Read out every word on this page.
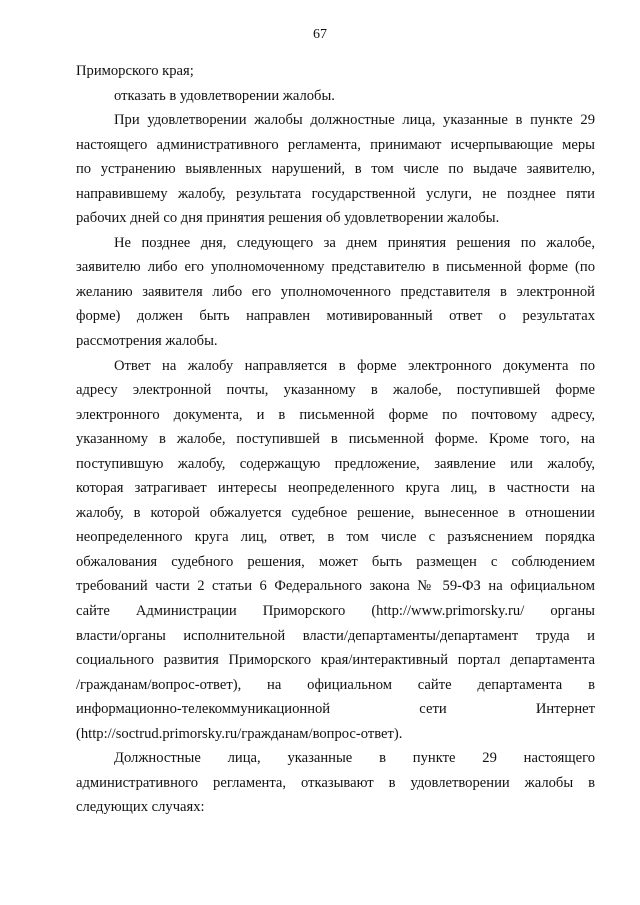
67
Приморского края;
отказать в удовлетворении жалобы.
При удовлетворении жалобы должностные лица, указанные в пункте 29
настоящего административного регламента, принимают исчерпывающие меры
по устранению выявленных нарушений, в том числе по выдаче заявителю,
направившему жалобу, результата государственной услуги, не позднее пяти
рабочих дней со дня принятия решения об удовлетворении жалобы.
Не позднее дня, следующего за днем принятия решения по жалобе,
заявителю либо его уполномоченному представителю в письменной форме (по
желанию заявителя либо его уполномоченного представителя в электронной
форме) должен быть направлен мотивированный ответ о результатах
рассмотрения жалобы.
Ответ на жалобу направляется в форме электронного документа по
адресу электронной почты, указанному в жалобе, поступившей форме
электронного документа, и в письменной форме по почтовому адресу,
указанному в жалобе, поступившей в письменной форме. Кроме того, на
поступившую жалобу, содержащую предложение, заявление или жалобу,
которая затрагивает интересы неопределенного круга лиц, в частности на
жалобу, в которой обжалуется судебное решение, вынесенное в отношении
неопределенного круга лиц, ответ, в том числе с разъяснением порядка
обжалования судебного решения, может быть размещен с соблюдением
требований части 2 статьи 6 Федерального закона № 59-ФЗ на официальном
сайте Администрации Приморского (http://www.primorsky.ru/ органы
власти/органы исполнительной власти/департаменты/департамент труда и
социального развития Приморского края/интерактивный портал департамента
/гражданам/вопрос-ответ), на официальном сайте департамента в
информационно-телекоммуникационной сети Интернет
(http://soctrud.primorsky.ru/гражданам/вопрос-ответ).
Должностные лица, указанные в пункте 29 настоящего
административного регламента, отказывают в удовлетворении жалобы в
следующих случаях:
